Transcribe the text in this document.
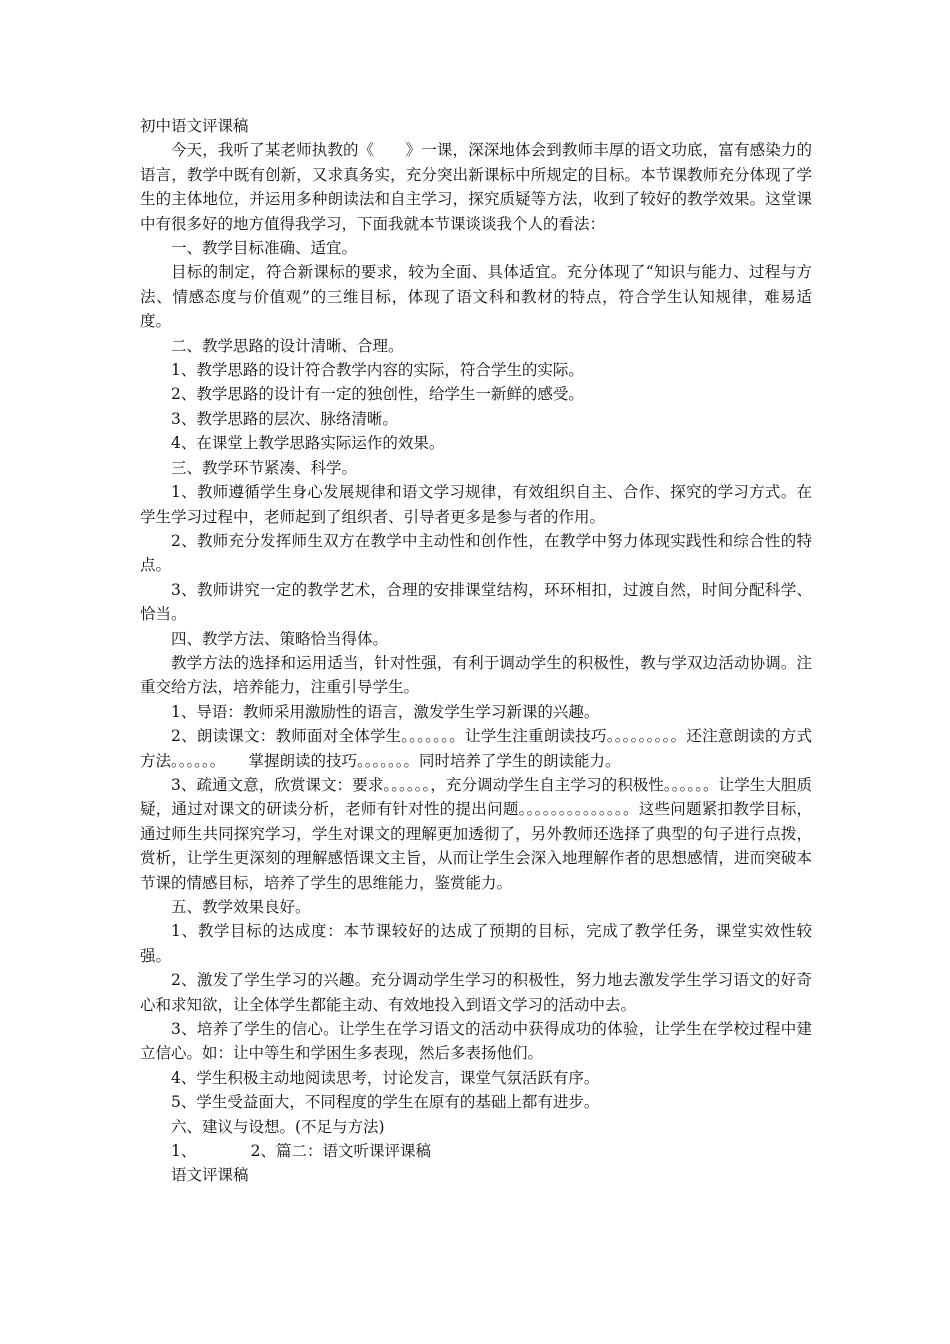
初中语文评课稿

今天，我听了某老师执教的《　　》一课，深深地体会到教师丰厚的语文功底，富有感染力的语言，教学中既有创新，又求真务实，充分突出新课标中所规定的目标。本节课教师充分体现了学生的主体地位，并运用多种朗读法和自主学习，探究质疑等方法，收到了较好的教学效果。这堂课中有很多好的地方值得我学习，下面我就本节课谈谈我个人的看法：

一、教学目标准确、适宜。

目标的制定，符合新课标的要求，较为全面、具体适宜。充分体现了“知识与能力、过程与方法、情感态度与价值观”的三维目标，体现了语文科和教材的特点，符合学生认知规律，难易适度。

二、教学思路的设计清晰、合理。

1、教学思路的设计符合教学内容的实际，符合学生的实际。

2、教学思路的设计有一定的独创性，给学生一新鲜的感受。

3、教学思路的层次、脉络清晰。

4、在课堂上教学思路实际运作的效果。

三、教学环节紧凑、科学。

1、教师遵循学生身心发展规律和语文学习规律，有效组织自主、合作、探究的学习方式。在学生学习过程中，老师起到了组织者、引导者更多是参与者的作用。

2、教师充分发挥师生双方在教学中主动性和创作性，在教学中努力体现实践性和综合性的特点。

3、教师讲究一定的教学艺术，合理的安排课堂结构，环环相扣，过渡自然，时间分配科学、恰当。

四、教学方法、策略恰当得体。

教学方法的选择和运用适当，针对性强，有利于调动学生的积极性，教与学双边活动协调。注重交给方法，培养能力，注重引导学生。

1、导语：教师采用激励性的语言，激发学生学习新课的兴趣。

2、朗读课文：教师面对全体学生。。。。。。。让学生注重朗读技巧。。。。。。。。。还注意朗读的方式方法。。。。。。　　掌握朗读的技巧。。。。。。。同时培养了学生的朗读能力。

3、疏通文意，欣赏课文：要求。。。。。。，充分调动学生自主学习的积极性。。。。。。让学生大胆质疑，通过对课文的研读分析，老师有针对性的提出问题。。。。。。。。。。。。。。这些问题紧扣教学目标，通过师生共同探究学习，学生对课文的理解更加透彻了，另外教师还选择了典型的句子进行点拨，赏析，让学生更深刻的理解感悟课文主旨，从而让学生会深入地理解作者的思想感情，进而突破本节课的情感目标，培养了学生的思维能力，鉴赏能力。

五、教学效果良好。

1、教学目标的达成度：本节课较好的达成了预期的目标，完成了教学任务，课堂实效性较强。

2、激发了学生学习的兴趣。充分调动学生学习的积极性，努力地去激发学生学习语文的好奇心和求知欲，让全体学生都能主动、有效地投入到语文学习的活动中去。

3、培养了学生的信心。让学生在学习语文的活动中获得成功的体验，让学生在学校过程中建立信心。如：让中等生和学困生多表现，然后多表扬他们。

4、学生积极主动地阅读思考，讨论发言，课堂气氛活跃有序。

5、学生受益面大，不同程度的学生在原有的基础上都有进步。

六、建议与设想。(不足与方法)

1、　　　　2、篇二：语文听课评课稿

语文评课稿
